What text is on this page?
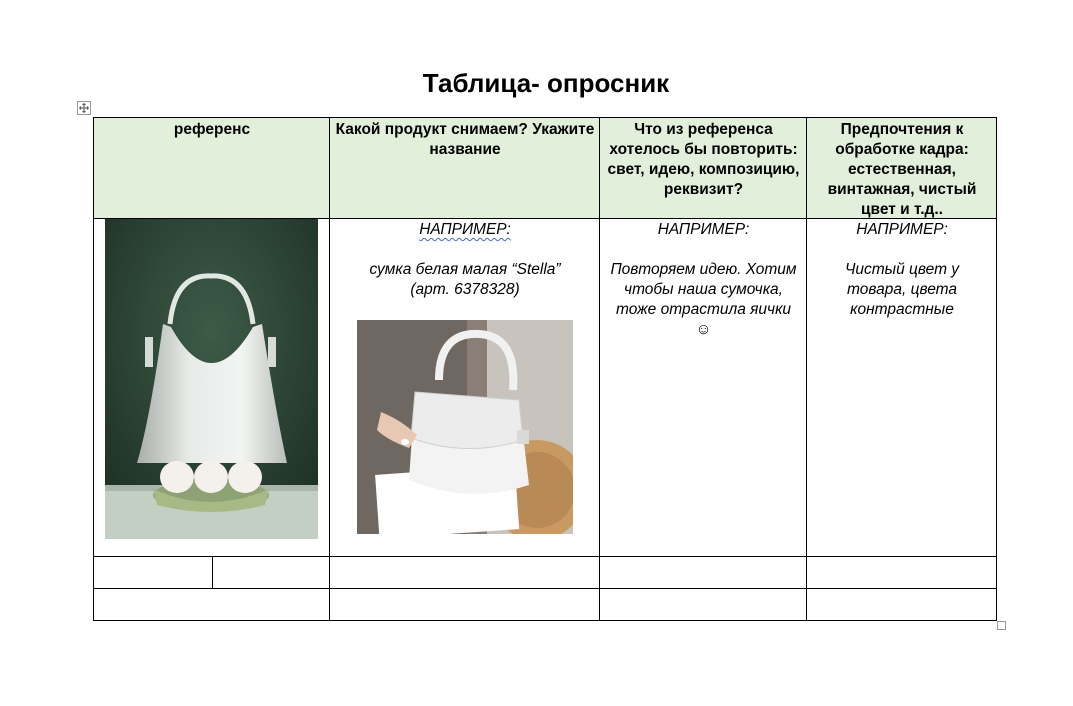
Таблица- опросник
референс	Какой продукт снимаем? Укажите название
Что из референса хотелось бы повторить: свет, идею, композицию, реквизит?
Предпочтения к обработке кадра: естественная, винтажная, чистый цвет и т.д..
НАПРИМЕР:
сумка белая малая “Stella”
(арт. 6378328)
НАПРИМЕР:
Повторяем идею. Хотим чтобы наша сумочка, тоже отрастила яички ☺
НАПРИМЕР:
Чистый цвет у товара, цвета контрастные
